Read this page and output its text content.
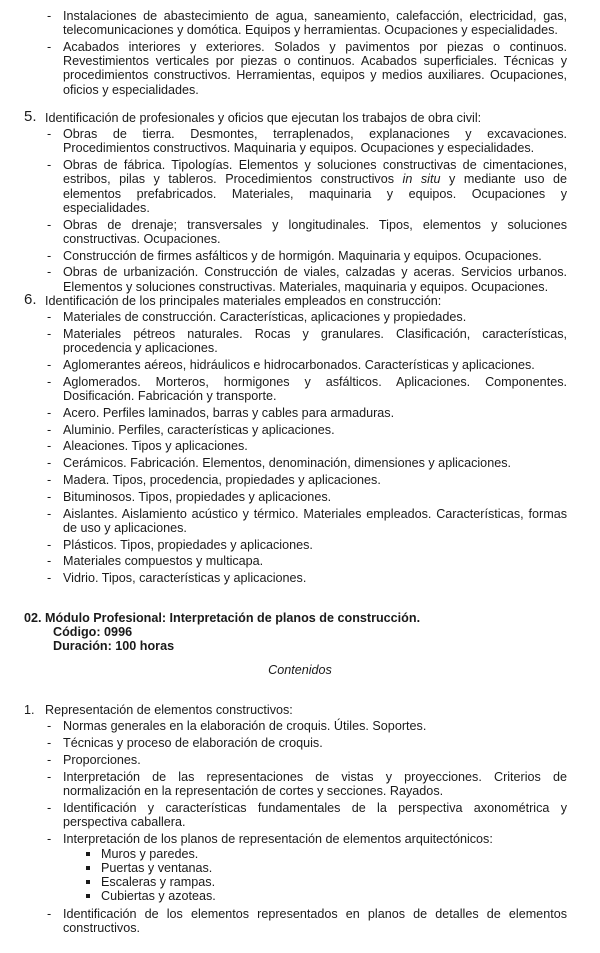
- Instalaciones de abastecimiento de agua, saneamiento, calefacción, electricidad, gas, telecomunicaciones y domótica. Equipos y herramientas. Ocupaciones y especialidades.
- Acabados interiores y exteriores. Solados y pavimentos por piezas o continuos. Revestimientos verticales por piezas o continuos. Acabados superficiales. Técnicas y procedimientos constructivos. Herramientas, equipos y medios auxiliares. Ocupaciones, oficios y especialidades.
5. Identificación de profesionales y oficios que ejecutan los trabajos de obra civil:
- Obras de tierra. Desmontes, terraplenados, explanaciones y excavaciones. Procedimientos constructivos. Maquinaria y equipos. Ocupaciones y especialidades.
- Obras de fábrica. Tipologías. Elementos y soluciones constructivas de cimentaciones, estribos, pilas y tableros. Procedimientos constructivos in situ y mediante uso de elementos prefabricados. Materiales, maquinaria y equipos. Ocupaciones y especialidades.
- Obras de drenaje; transversales y longitudinales. Tipos, elementos y soluciones constructivas. Ocupaciones.
- Construcción de firmes asfálticos y de hormigón. Maquinaria y equipos. Ocupaciones.
- Obras de urbanización. Construcción de viales, calzadas y aceras. Servicios urbanos. Elementos y soluciones constructivas. Materiales, maquinaria y equipos. Ocupaciones.
6. Identificación de los principales materiales empleados en construcción:
- Materiales de construcción. Características, aplicaciones y propiedades.
- Materiales pétreos naturales. Rocas y granulares. Clasificación, características, procedencia y aplicaciones.
- Aglomerantes aéreos, hidráulicos e hidrocarbonados. Características y aplicaciones.
- Aglomerados. Morteros, hormigones y asfálticos. Aplicaciones. Componentes. Dosificación. Fabricación y transporte.
- Acero. Perfiles laminados, barras y cables para armaduras.
- Aluminio. Perfiles, características y aplicaciones.
- Aleaciones. Tipos y aplicaciones.
- Cerámicos. Fabricación. Elementos, denominación, dimensiones y aplicaciones.
- Madera. Tipos, procedencia, propiedades y aplicaciones.
- Bituminosos. Tipos, propiedades y aplicaciones.
- Aislantes. Aislamiento acústico y térmico. Materiales empleados. Características, formas de uso y aplicaciones.
- Plásticos. Tipos, propiedades y aplicaciones.
- Materiales compuestos y multicapa.
- Vidrio. Tipos, características y aplicaciones.
02. Módulo Profesional: Interpretación de planos de construcción.
Código: 0996
Duración: 100 horas
Contenidos
1. Representación de elementos constructivos:
- Normas generales en la elaboración de croquis. Útiles. Soportes.
- Técnicas y proceso de elaboración de croquis.
- Proporciones.
- Interpretación de las representaciones de vistas y proyecciones. Criterios de normalización en la representación de cortes y secciones. Rayados.
- Identificación y características fundamentales de la perspectiva axonométrica y perspectiva caballera.
- Interpretación de los planos de representación de elementos arquitectónicos:
Muros y paredes.
Puertas y ventanas.
Escaleras y rampas.
Cubiertas y azoteas.
- Identificación de los elementos representados en planos de detalles de elementos constructivos.
